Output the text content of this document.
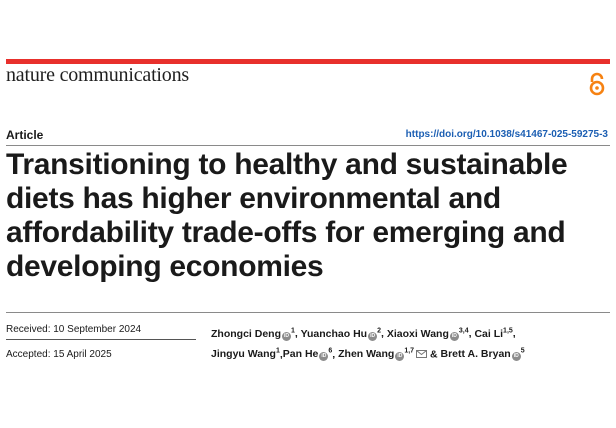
nature communications
Article	https://doi.org/10.1038/s41467-025-59275-3
Transitioning to healthy and sustainable diets has higher environmental and affordability trade-offs for emerging and developing economies
Received: 10 September 2024
Accepted: 15 April 2025

Zhongci Deng $iD^1$, Yuanchao Hu $iD^2$, Xiaoxi Wang iD$^{3,4}$, Cai Li$^{1,5}$, Jingyu Wang$^1$,Pan He $iD^6$, Zhen Wang iD$^{1,7}$ & Brett A. Bryan $iD^5$
